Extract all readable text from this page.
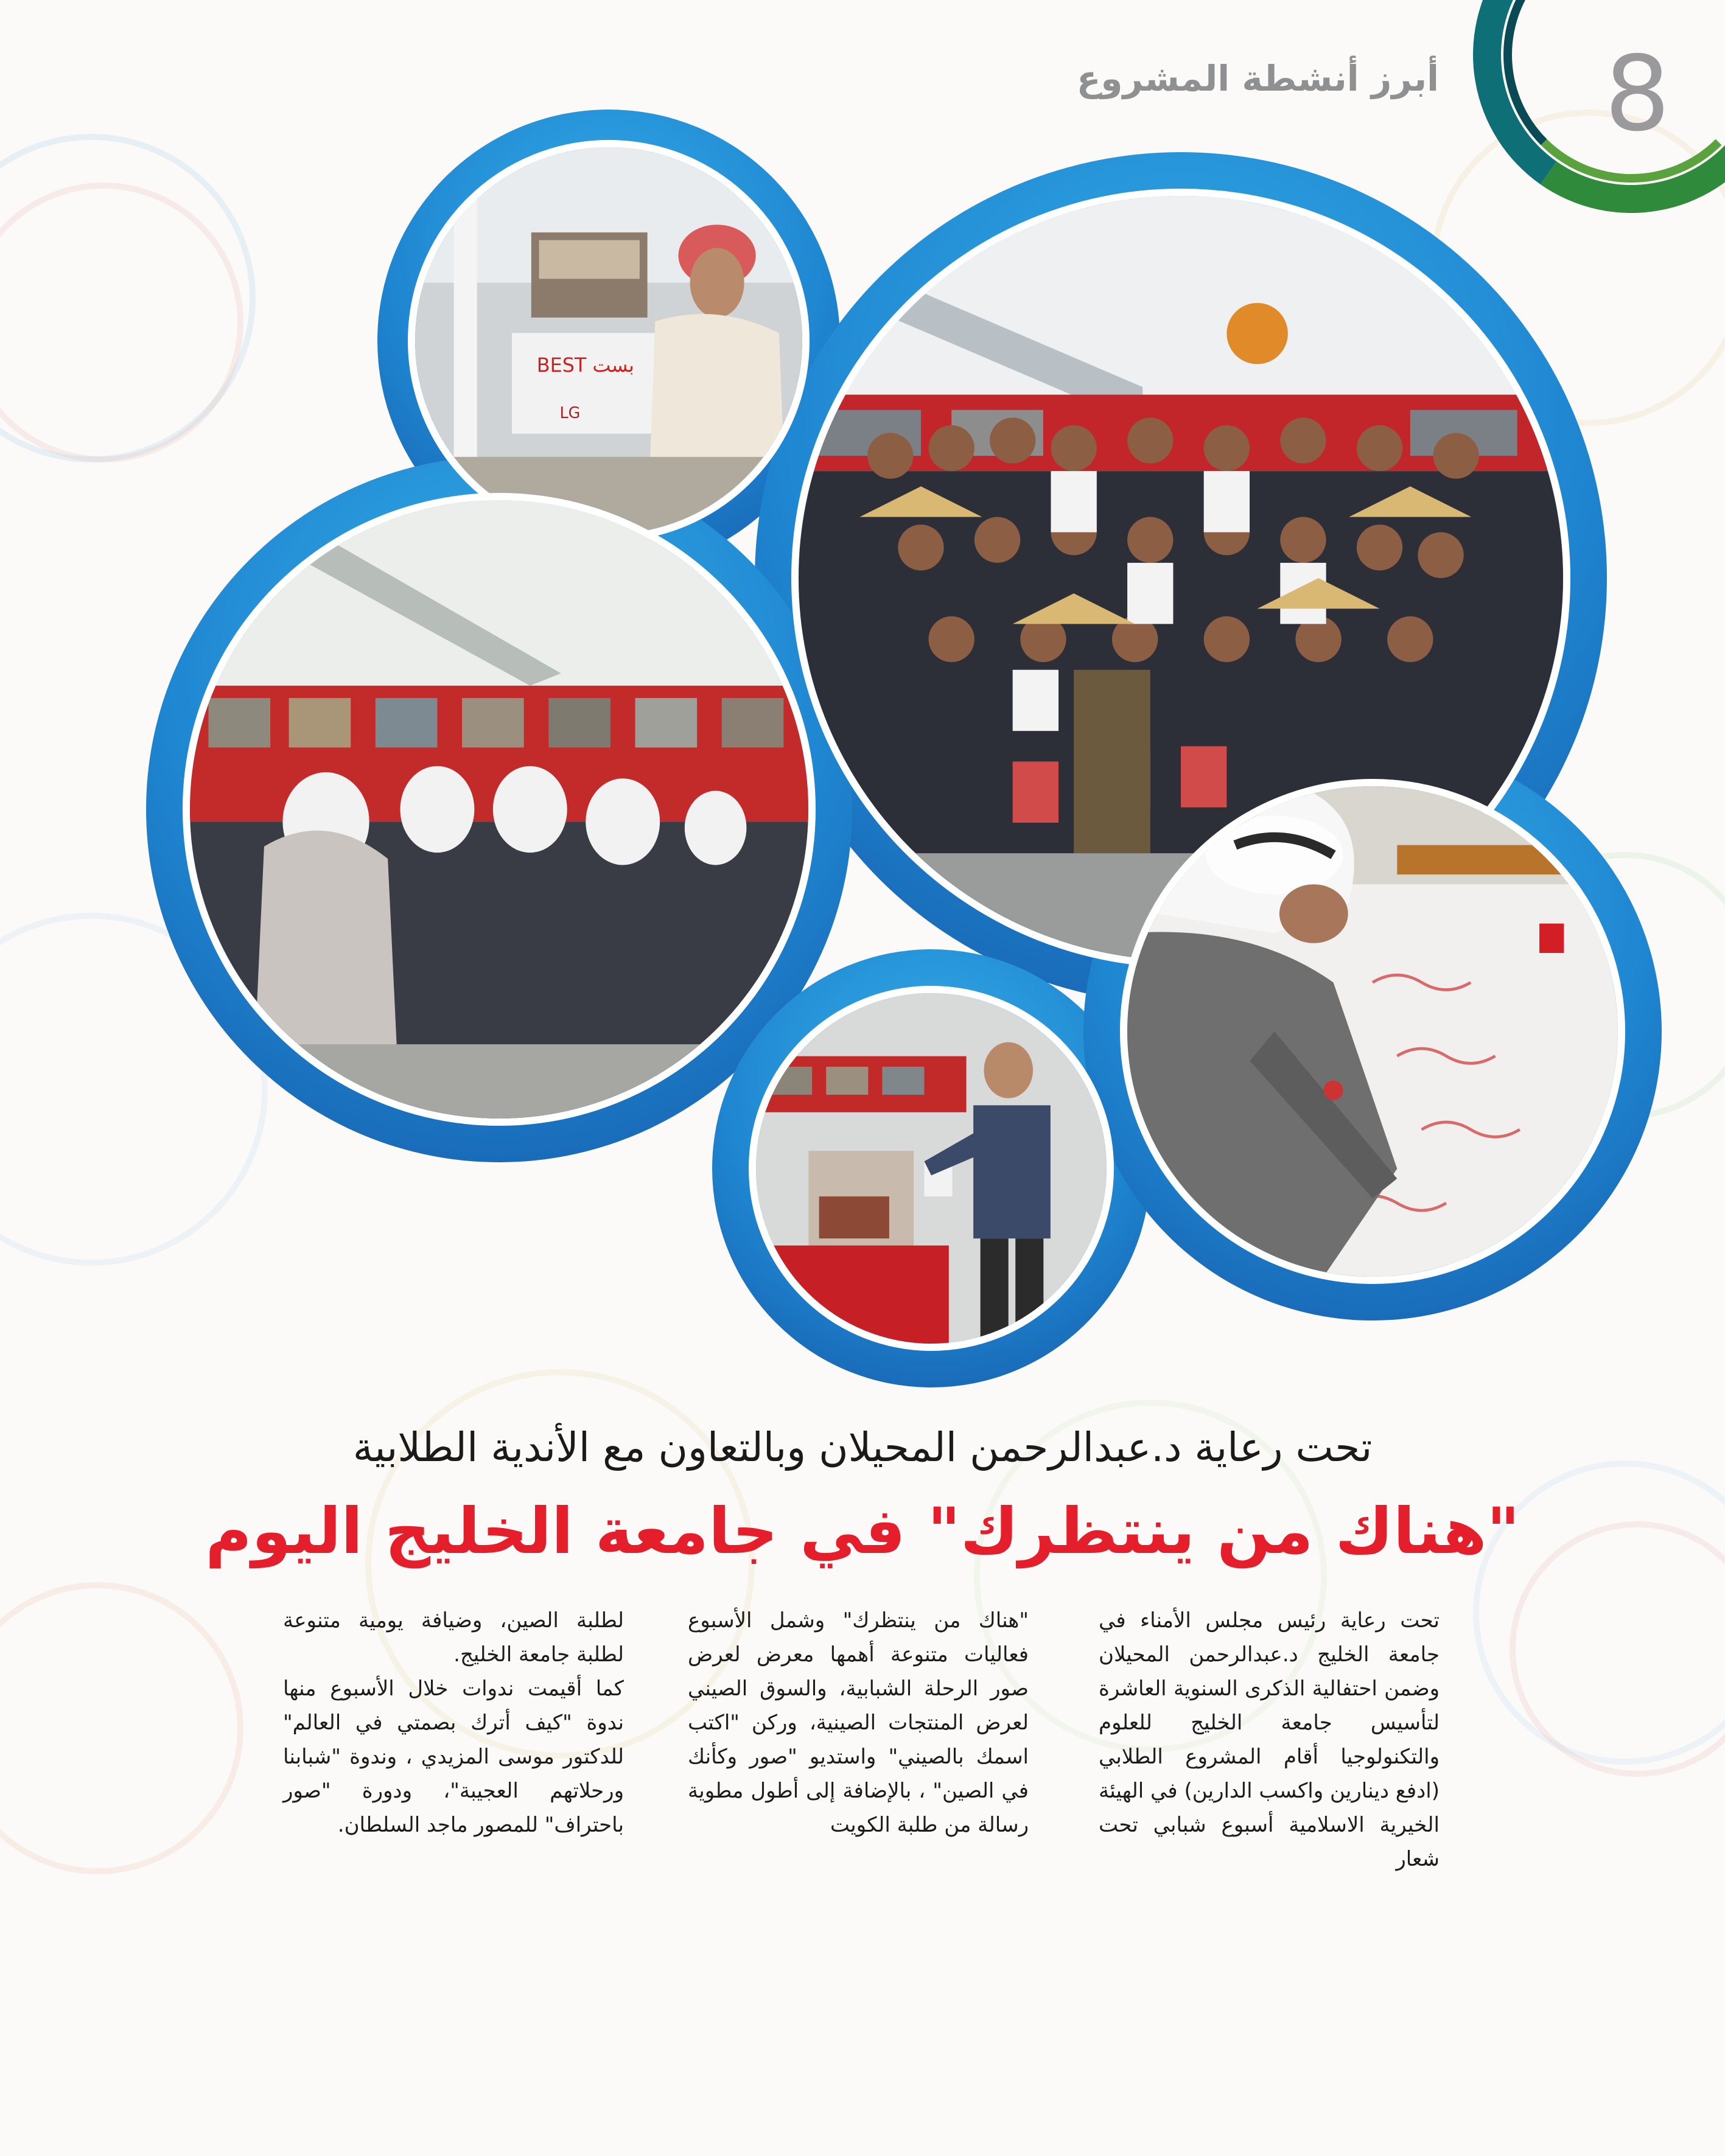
8
أبرز أنشطة المشروع
BEST بست
LG
تحت رعاية د.عبدالرحمن المحيلان وبالتعاون مع الأندية الطلابية
"هناك من ينتظرك" في جامعة الخليج اليوم

تحت رعاية رئيس مجلس الأمناء في جامعة الخليج د.عبدالرحمن المحيلان وضمن احتفالية الذكرى السنوية العاشرة لتأسيس جامعة الخليج للعلوم والتكنولوجيا أقام المشروع الطلابي (ادفع دينارين واكسب الدارين) في الهيئة الخيرية الاسلامية أسبوع شبابي تحت شعار

"هناك من ينتظرك" وشمل الأسبوع فعاليات متنوعة أهمها معرض لعرض صور الرحلة الشبابية، والسوق الصيني لعرض المنتجات الصينية، وركن "اكتب اسمك بالصيني" واستديو "صور وكأنك في الصين" ، بالإضافة إلى أطول مطوية رسالة من طلبة الكويت

لطلبة الصين، وضيافة يومية متنوعة لطلبة جامعة الخليج.

كما أقيمت ندوات خلال الأسبوع منها ندوة "كيف أترك بصمتي في العالم" للدكتور موسى المزيدي ، وندوة "شبابنا ورحلاتهم العجيبة"، ودورة "صور باحتراف" للمصور ماجد السلطان.
